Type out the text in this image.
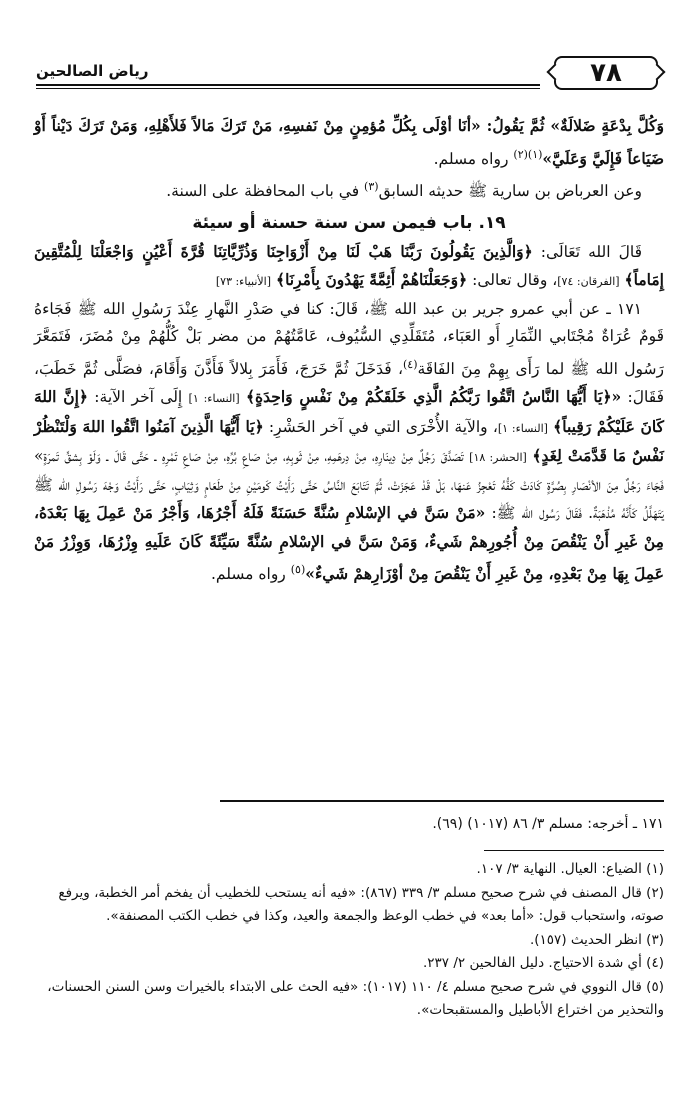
٧٨
رياض الصالحين

وَكُلَّ بِدْعَةٍ ضَلالَةٌ» ثُمَّ يَقُولُ: «أنَا أوْلَى بِكُلِّ مُؤمِنٍ مِنْ نَفسِهِ، مَنْ تَرَكَ مَالاً فَلأَهْلِهِ، وَمَنْ تَرَكَ دَيْناً أَوْ ضَيَاعاً فَإِلَيَّ وَعَلَيَّ»$^{(١)(٢)}$ رواه مسلم.

وعن العرباض بن سارية ﷺ حديثه السابق$^{(٣)}$ في باب المحافظة على السنة.

١٩. باب فيمن سن سنة حسنة أو سيئة

قَالَ الله تَعَالَى: ﴿وَالَّذِينَ يَقُولُونَ رَبَّنَا هَبْ لَنَا مِنْ أَزْوَاجِنَا وَذُرِّيَّاتِنَا قُرَّةَ أَعْيُنٍ وَاجْعَلْنَا لِلْمُتَّقِينَ إِمَاماً﴾ [الفرقان: ٧٤]، وقال تعالى: ﴿وَجَعَلْنَاهُمْ أَئِمَّةً يَهْدُونَ بِأَمْرِنَا﴾ [الأنبياء: ٧٣]

١٧١ ـ عن أبي عمرو جرير بن عبد الله ﷺ، قَالَ: كنا في صَدْرِ النَّهارِ عِنْدَ رَسُولِ الله ﷺ فَجَاءهُ قَومٌ عُرَاةٌ مُجْتَابي النِّمَارِ أَو العَبَاء، مُتَقَلِّدِي السُّيُوف، عَامَّتُهُمْ من مضر بَلْ كُلُّهُمْ مِنْ مُضَرَ، فَتَمَعَّرَ رَسُول الله ﷺ لما رَأَى بِهِمْ مِنَ الفَاقَة$^{(٤)}$، فَدَخَلَ ثُمَّ خَرَجَ، فَأَمَرَ بِلالاً فَأَذَّنَ وَأَقَامَ، فصَلَّى ثُمَّ خَطَبَ، فَقَالَ: «﴿يَا أَيُّهَا النَّاسُ اتَّقُوا رَبَّكُمُ الَّذِي خَلَقَكُمْ مِنْ نَفْسٍ وَاحِدَةٍ﴾ [النساء: ١] إِلَى آخر الآية: ﴿إِنَّ اللهَ كَانَ عَلَيْكُمْ رَقِيباً﴾ [النساء: ١]، والآية الأُخْرَى التي في آخر الحَشْرِ: ﴿يَا أَيُّهَا الَّذِينَ آمَنُوا اتَّقُوا اللهَ وَلْتَنْظُرْ نَفْسٌ مَا قَدَّمَتْ لِغَدٍ﴾ [الحشر: ١٨] تَصَدَّقَ رَجُلٌ مِنْ دِينَارِهِ، مِنْ دِرهَمِهِ، مِنْ ثَوبِهِ، مِنْ صَاعِ بُرِّهِ، مِنْ صَاعِ تَمْرِهِ ـ حَتَّى قَالَ ـ وَلَوْ بِشقِّ تَمرَةٍ» فَجَاءَ رَجُلٌ مِنَ الأنْصَارِ بِصُرَّةٍ كَادَتْ كَفُّهُ تَعْجِزُ عَنهَا، بَلْ قَدْ عَجَزَتْ، ثُمَّ تَتَابَعَ النَّاسُ حَتَّى رَأَيْتُ كَومَيْنِ مِنْ طَعَامٍ وَثِيَابٍ، حَتَّى رَأَيْتُ وَجْهَ رَسُولِ الله ﷺ يَتَهَلَّلُ كَأَنَّهُ مُذْهَبَةٌ. فَقَالَ رَسُول الله ﷺ: «مَنْ سَنَّ في الإسْلامِ سُنَّةً حَسَنَةً فَلَهُ أَجْرُهَا، وَأَجْرُ مَنْ عَمِلَ بِهَا بَعْدَهُ، مِنْ غَيرِ أَنْ يَنْقُصَ مِنْ أُجُورِهمْ شَيءٌ، وَمَنْ سَنَّ في الإسْلامِ سُنَّةً سَيِّئَةً كَانَ عَلَيهِ وِزْرُهَا، وَوِزْرُ مَنْ عَمِلَ بِهَا مِنْ بَعْدِهِ، مِنْ غَيرِ أَنْ يَنْقُصَ مِنْ أوْزَارِهمْ شَيءٌ»$^{(٥)}$ رواه مسلم.

١٧١ ـ أخرجه: مسلم ٣/ ٨٦ (١٠١٧) (٦٩).

(١) الضياع: العيال. النهاية ٣/ ١٠٧.

(٢) قال المصنف في شرح صحيح مسلم ٣/ ٣٣٩ (٨٦٧): «فيه أنه يستحب للخطيب أن يفخم أمر الخطبة، ويرفع صوته، واستحباب قول: «أما بعد» في خطب الوعظ والجمعة والعيد، وكذا في خطب الكتب المصنفة».

(٣) انظر الحديث (١٥٧).

(٤) أي شدة الاحتياج. دليل الفالحين ٢/ ٢٣٧.

(٥) قال النووي في شرح صحيح مسلم ٤/ ١١٠ (١٠١٧): «فيه الحث على الابتداء بالخيرات وسن السنن الحسنات، والتحذير من اختراع الأباطيل والمستقبحات».
